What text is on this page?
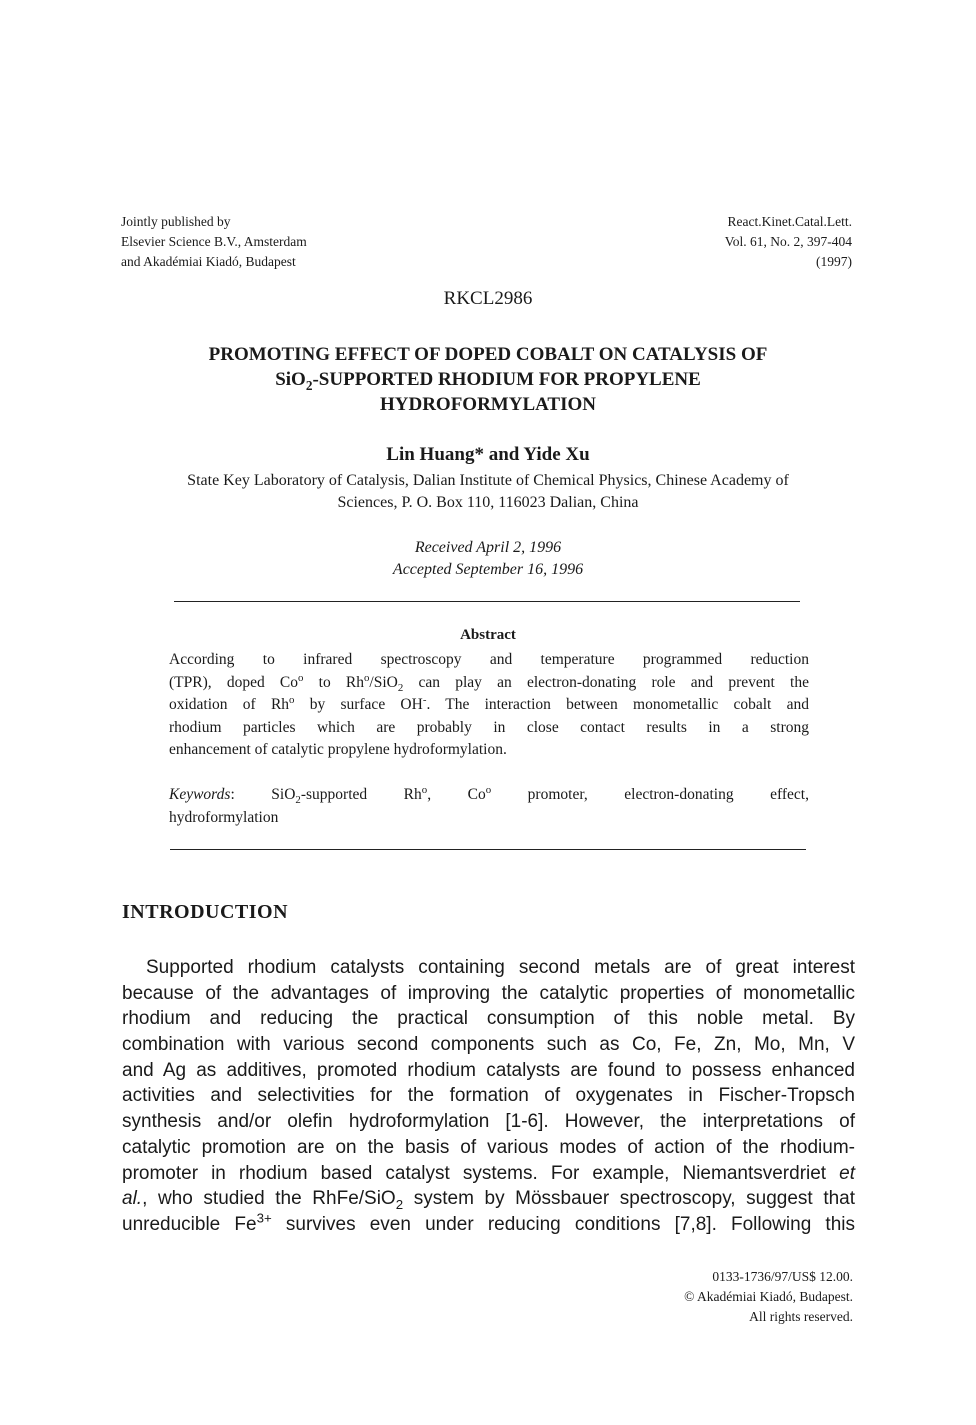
Jointly published by
Elsevier Science B.V., Amsterdam
and Akadémiai Kiadó, Budapest
React.Kinet.Catal.Lett.
Vol. 61, No. 2, 397-404
(1997)
RKCL2986
PROMOTING EFFECT OF DOPED COBALT ON CATALYSIS OF
SiO$_2$-SUPPORTED RHODIUM FOR PROPYLENE
HYDROFORMYLATION
Lin Huang* and Yide Xu
State Key Laboratory of Catalysis, Dalian Institute of Chemical Physics, Chinese Academy of
Sciences, P. O. Box 110, 116023 Dalian, China
Received April 2, 1996
Accepted September 16, 1996
Abstract
According to infrared spectroscopy and temperature programmed reduction
(TPR), doped Co$^o$ to $Rh^o/SiO_2$ can play an electron-donating role and prevent the
oxidation of Rh$^o$ by surface OH-. The interaction between monometallic cobalt and
rhodium particles which are probably in close contact results in a strong
enhancement of catalytic propylene hydroformylation.
Keywords: SiO$_2$-supported Rh$^o$, Co$^o$ promoter, electron-donating effect,
hydroformylation
INTRODUCTION
Supported rhodium catalysts containing second metals are of great interest
because of the advantages of improving the catalytic properties of monometallic
rhodium and reducing the practical consumption of this noble metal. By
combination with various second components such as Co, Fe, Zn, Mo, Mn, V
and Ag as additives, promoted rhodium catalysts are found to possess enhanced
activities and selectivities for the formation of oxygenates in Fischer-Tropsch
synthesis and/or olefin hydroformylation [1-6]. However, the interpretations of
catalytic promotion are on the basis of various modes of action of the rhodium-
promoter in rhodium based catalyst systems. For example, Niemantsverdriet et
al., who studied the RhFe/SiO$_2$ system by Mössbauer spectroscopy, suggest that
unreducible $Fe^{3+}$ survives even under reducing conditions [7,8]. Following this
0133-1736/97/US$ 12.00.
© Akadémiai Kiadó, Budapest.
All rights reserved.
